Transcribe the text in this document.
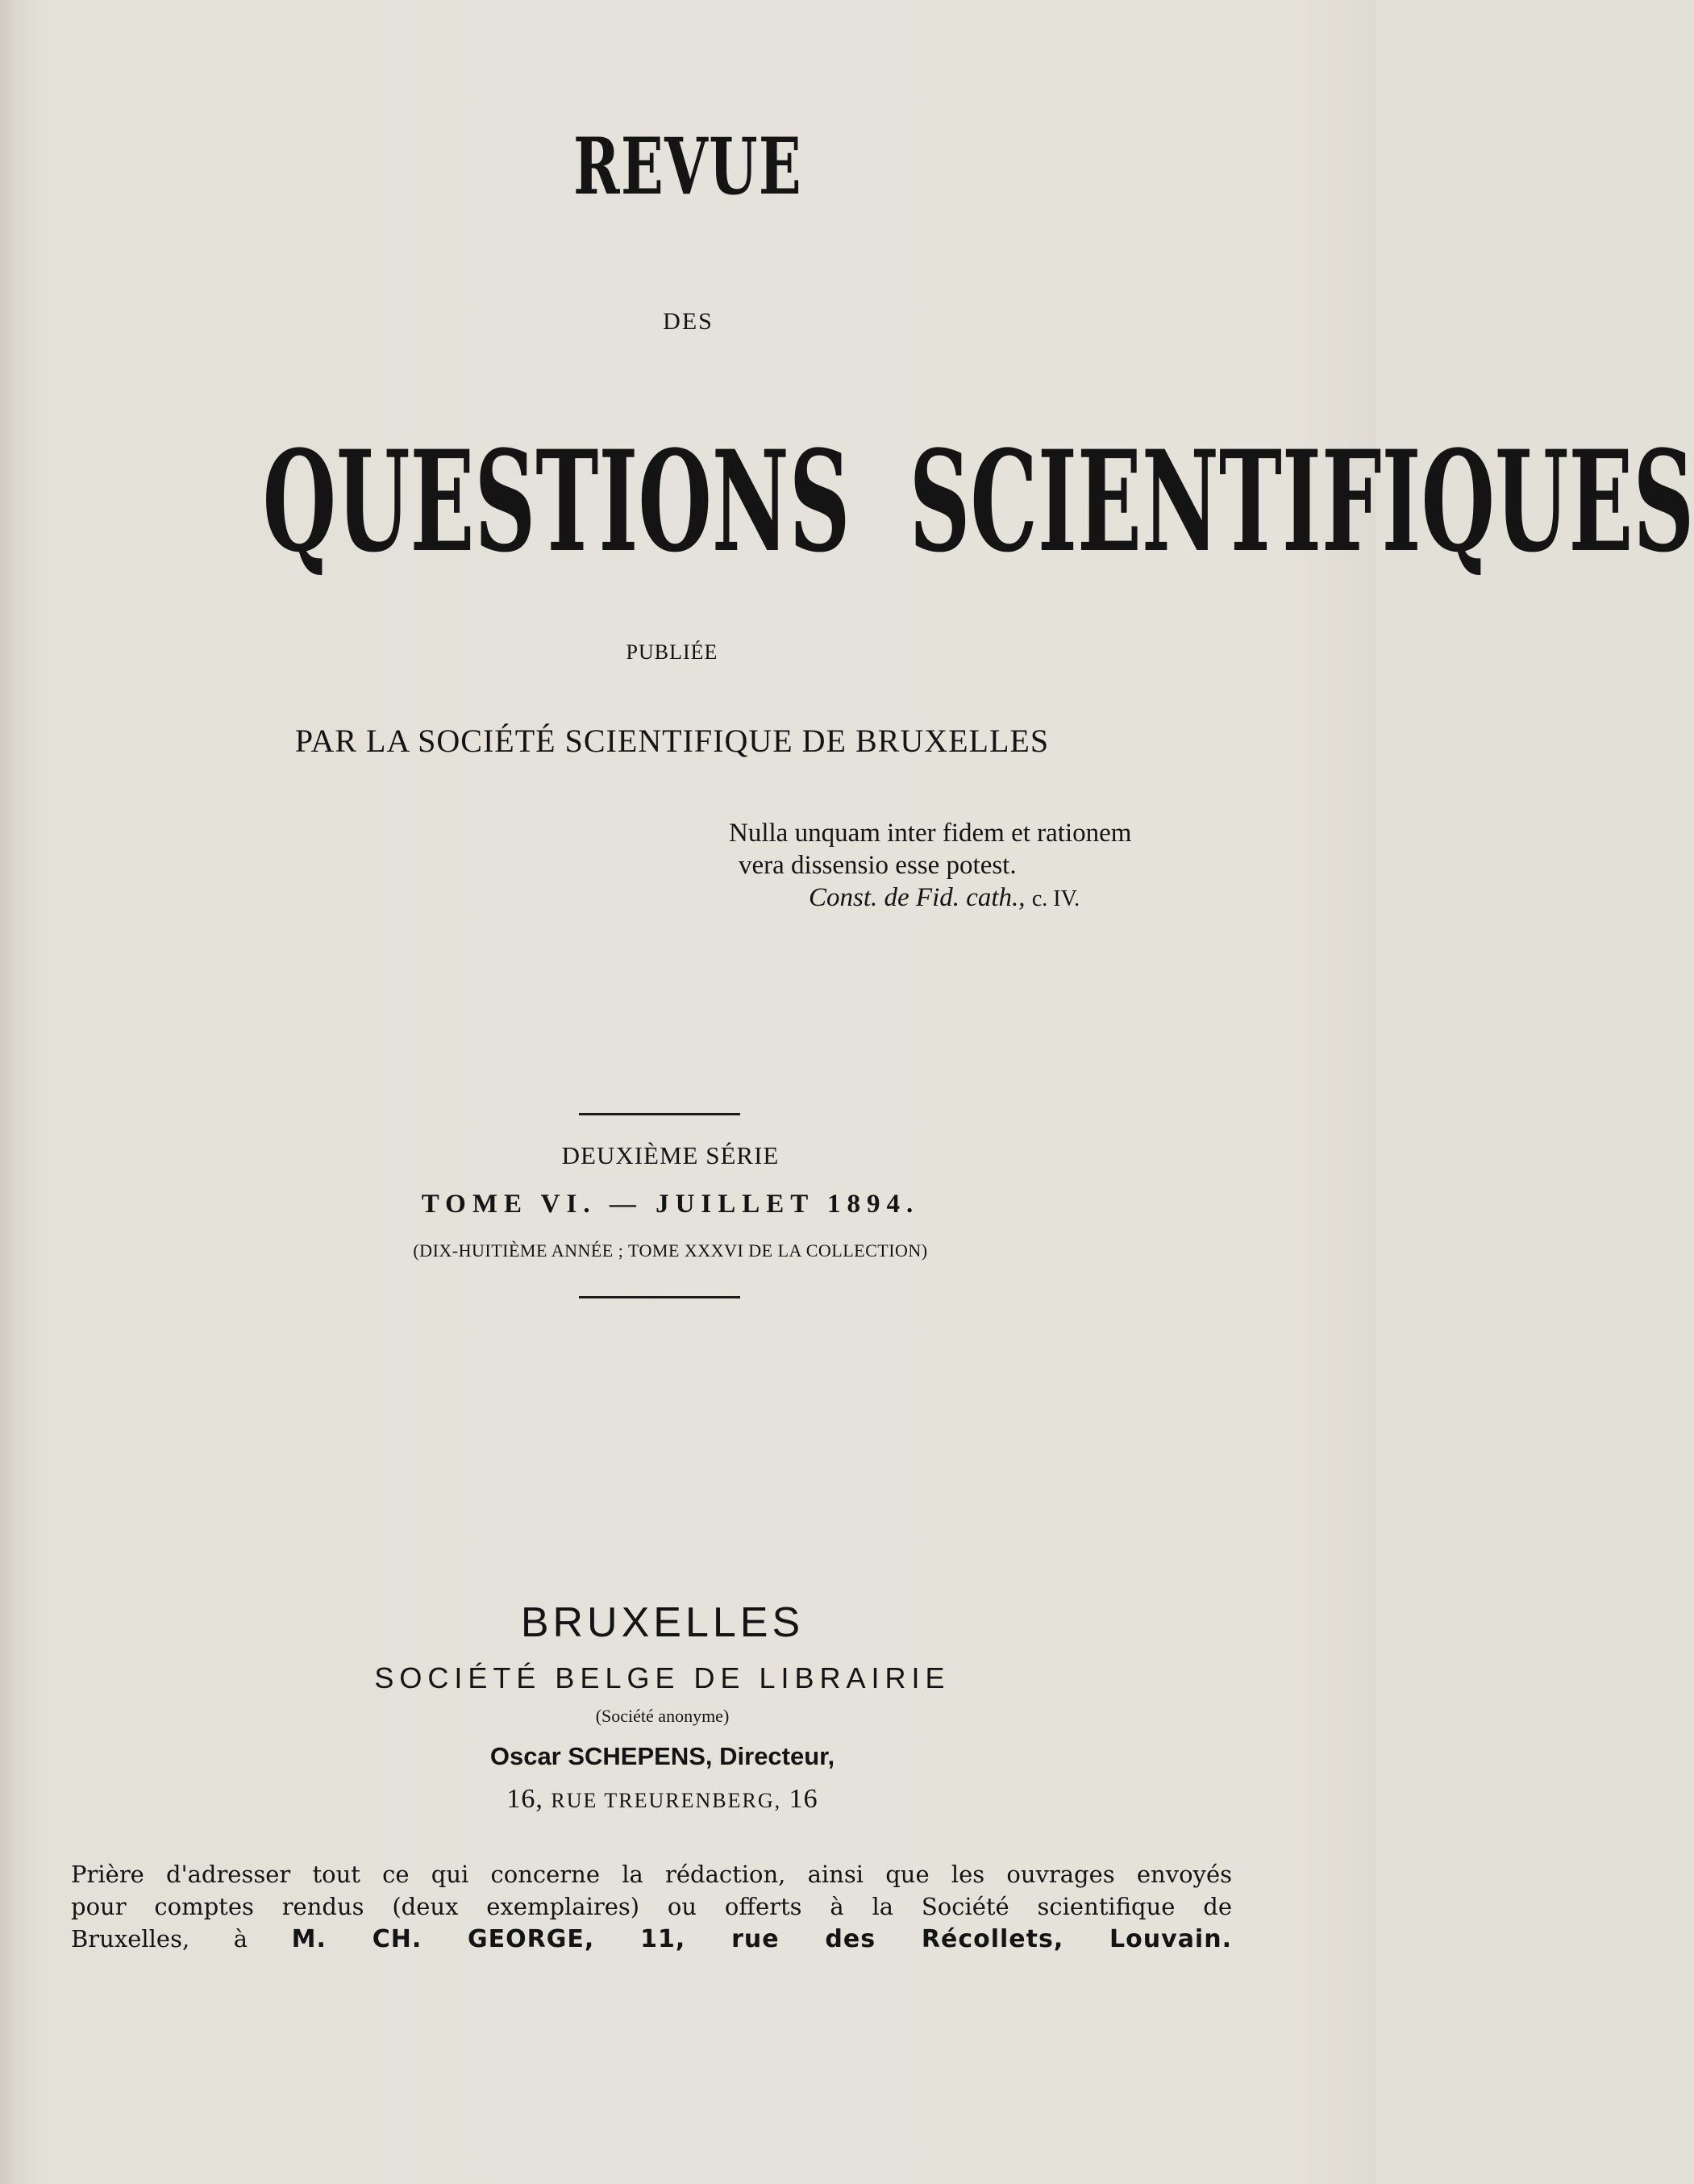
REVUE
DES
QUESTIONS SCIENTIFIQUES
PUBLIÉE
PAR LA SOCIÉTÉ SCIENTIFIQUE DE BRUXELLES
Nulla unquam inter fidem et rationem
vera dissensio esse potest.
Const. de Fid. cath., c. IV.
DEUXIÈME SÉRIE
TOME VI. — JUILLET 1894.
(DIX-HUITIÈME ANNÉE ; TOME XXXVI DE LA COLLECTION)
BRUXELLES
SOCIÉTÉ BELGE DE LIBRAIRIE
(Société anonyme)
Oscar SCHEPENS, Directeur,
16, RUE TREURENBERG, 16
Prière d'adresser tout ce qui concerne la rédaction, ainsi que les ouvrages envoyés
pour comptes rendus (deux exemplaires) ou offerts à la Société scientifique de
Bruxelles, à M. CH. GEORGE, 11, rue des Récollets, Louvain.
